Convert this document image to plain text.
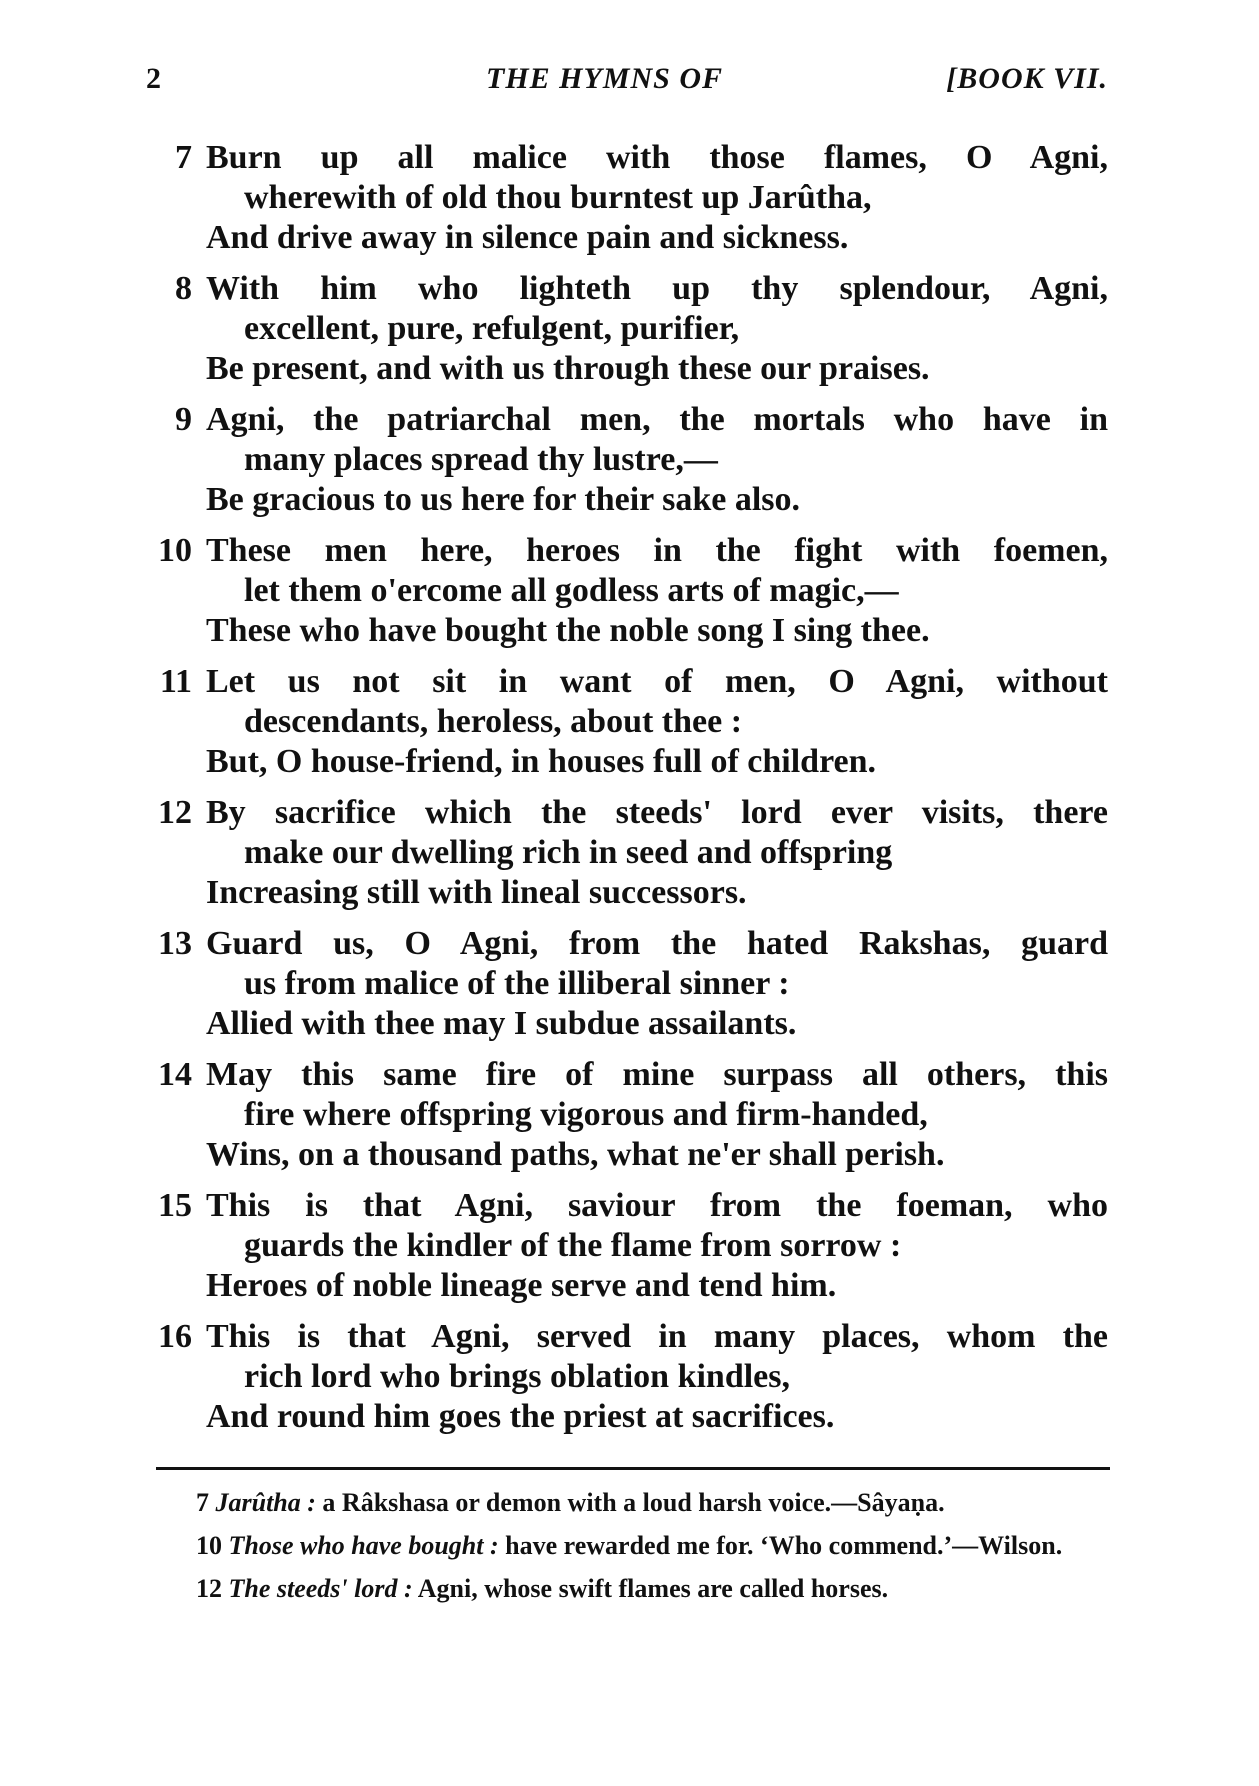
2	THE HYMNS OF	[BOOK VII.
7 Burn up all malice with those flames, O Agni,
wherewith of old thou burntest up Jarûtha,
And drive away in silence pain and sickness.
8 With him who lighteth up thy splendour, Agni,
excellent, pure, refulgent, purifier,
Be present, and with us through these our praises.
9 Agni, the patriarchal men, the mortals who have in
many places spread thy lustre,—
Be gracious to us here for their sake also.
10 These men here, heroes in the fight with foemen,
let them o'ercome all godless arts of magic,—
These who have bought the noble song I sing thee.
11 Let us not sit in want of men, O Agni, without
descendants, heroless, about thee :
But, O house-friend, in houses full of children.
12 By sacrifice which the steeds' lord ever visits, there
make our dwelling rich in seed and offspring
Increasing still with lineal successors.
13 Guard us, O Agni, from the hated Rakshas, guard
us from malice of the illiberal sinner :
Allied with thee may I subdue assailants.
14 May this same fire of mine surpass all others, this
fire where offspring vigorous and firm-handed,
Wins, on a thousand paths, what ne'er shall perish.
15 This is that Agni, saviour from the foeman, who
guards the kindler of the flame from sorrow :
Heroes of noble lineage serve and tend him.
16 This is that Agni, served in many places, whom the
rich lord who brings oblation kindles,
And round him goes the priest at sacrifices.
7 Jarûtha : a Râkshasa or demon with a loud harsh voice.—Sâyaṇa.
10 Those who have bought : have rewarded me for. ‘Who commend.’—Wilson.
12 The steeds' lord : Agni, whose swift flames are called horses.
